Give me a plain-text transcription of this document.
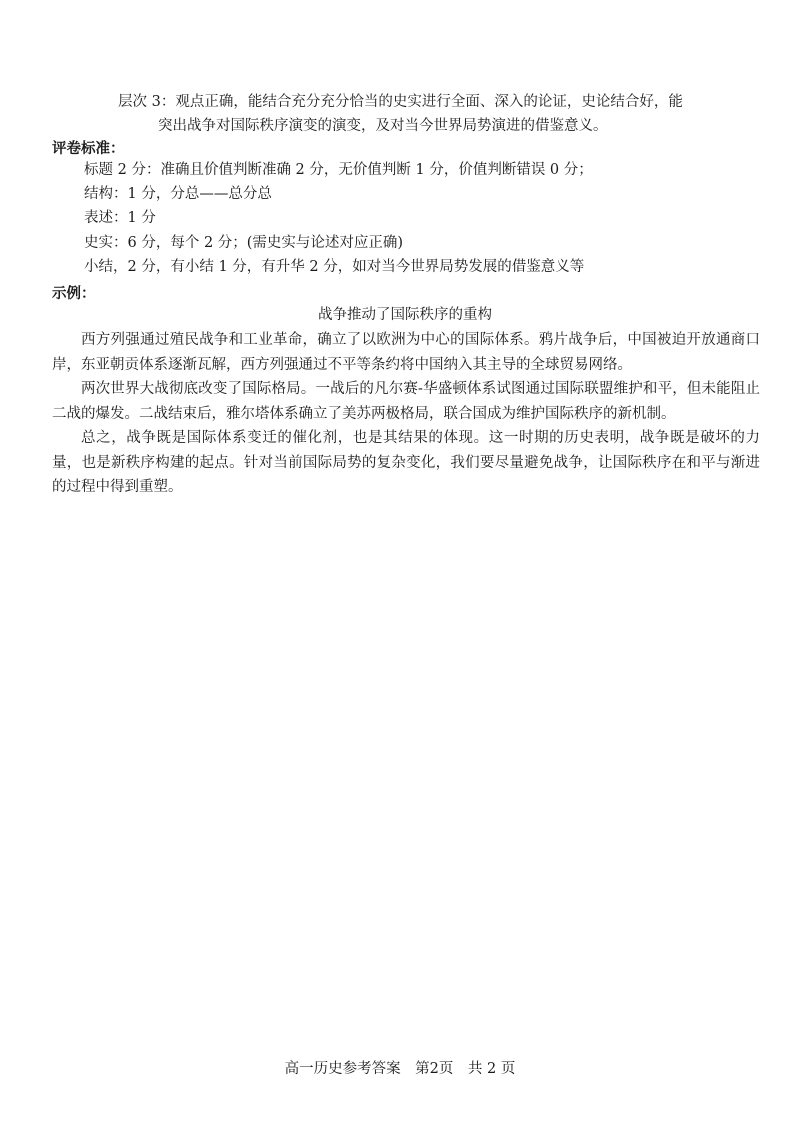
层次 3：观点正确，能结合充分充分恰当的史实进行全面、深入的论证，史论结合好，能
突出战争对国际秩序演变的演变，及对当今世界局势演进的借鉴意义。
评卷标准：
标题 2 分：准确且价值判断准确 2 分，无价值判断 1 分，价值判断错误 0 分；
结构：1 分，分总——总分总
表述：1 分
史实：6 分，每个 2 分；(需史实与论述对应正确)
小结，2 分，有小结 1 分，有升华 2 分，如对当今世界局势发展的借鉴意义等
示例：
战争推动了国际秩序的重构

西方列强通过殖民战争和工业革命，确立了以欧洲为中心的国际体系。鸦片战争后，中国被迫开放通商口岸，东亚朝贡体系逐渐瓦解，西方列强通过不平等条约将中国纳入其主导的全球贸易网络。

两次世界大战彻底改变了国际格局。一战后的凡尔赛-华盛顿体系试图通过国际联盟维护和平，但未能阻止二战的爆发。二战结束后，雅尔塔体系确立了美苏两极格局，联合国成为维护国际秩序的新机制。

总之，战争既是国际体系变迁的催化剂，也是其结果的体现。这一时期的历史表明，战争既是破坏的力量，也是新秩序构建的起点。针对当前国际局势的复杂变化，我们要尽量避免战争，让国际秩序在和平与渐进的过程中得到重塑。

高一历史参考答案　第2页　共 2 页
